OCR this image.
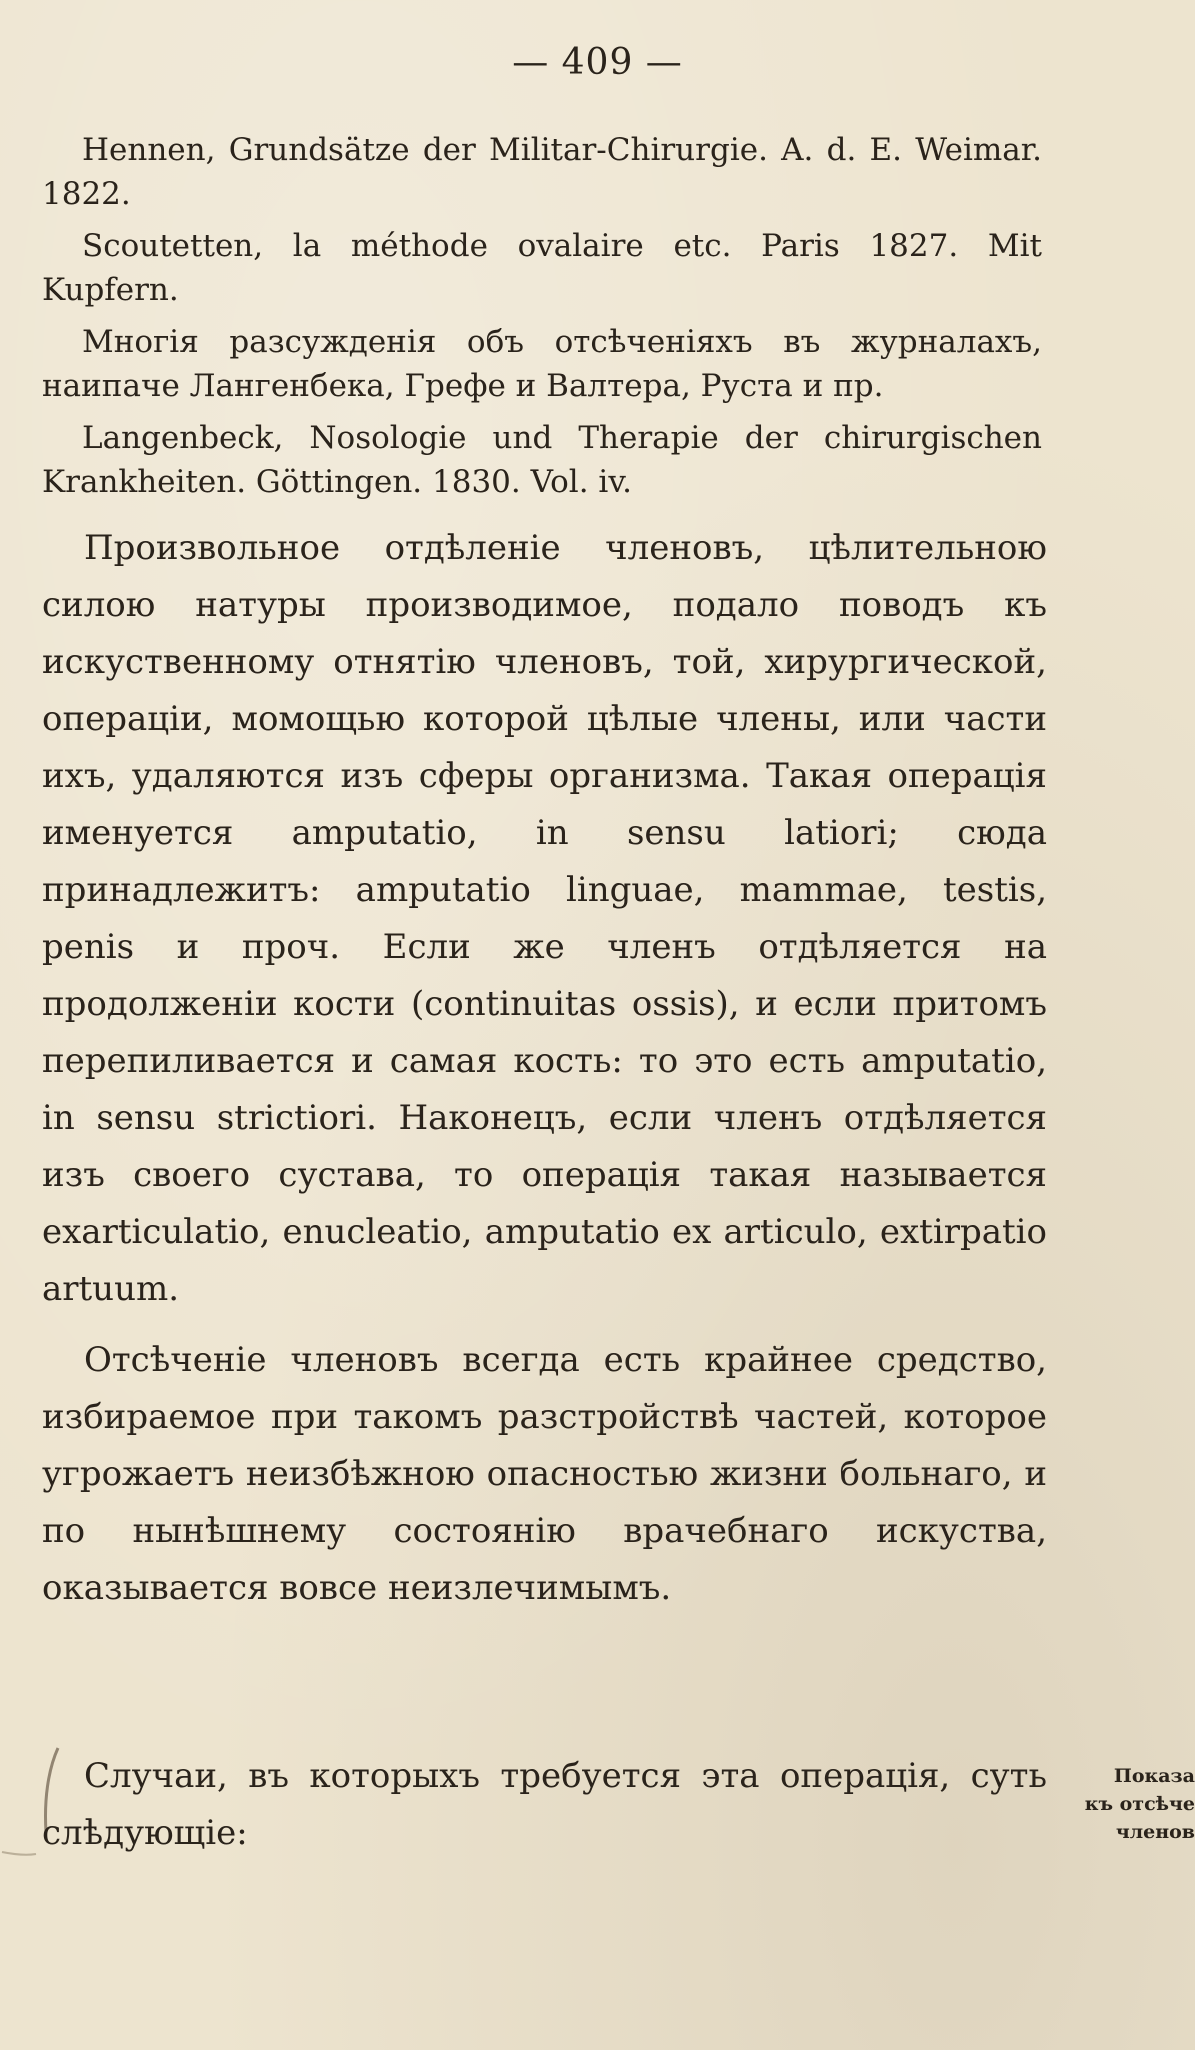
— 409 —

Hennen, Grundsätze der Militar-Chirurgie. A. d. E. Weimar. 1822.

Scoutetten, la méthode ovalaire etc. Paris 1827. Mit Kupfern.

Многія разсужденія объ отсѣченіяхъ въ журналахъ, наипаче Лангенбека, Грефе и Валтера, Руста и пр.

Langenbeck, Nosologie und Therapie der chirurgischen Krankheiten. Göttingen. 1830. Vol. iv.

Произвольное отдѣленіе членовъ, цѣлительною силою натуры производимое, подало поводъ къ искуственному отнятію членовъ, той, хирургической, операціи, момощью которой цѣлые члены, или части ихъ, удаляются изъ сферы организма. Такая операція именуется amputatio, in sensu latiori; сюда принадлежитъ: amputatio linguae, mammae, testis, penis и проч. Если же членъ отдѣляется на продолженіи кости (continuitas ossis), и если притомъ перепиливается и самая кость: то это есть amputatio, in sensu strictiori. Наконецъ, если членъ отдѣляется изъ своего сустава, то операція такая называется exarticulatio, enucleatio, amputatio ex articulo, extirpatio artuum.

Отсѣченіе членовъ всегда есть крайнее средство, избираемое при такомъ разстройствѣ частей, которое угрожаетъ неизбѣжною опасностью жизни больнаго, и по нынѣшнему состоянію врачебнаго искуства, оказывается вовсе неизлечимымъ.

Случаи, въ которыхъ требуется эта операція, суть слѣдующіе:

Показа
къ отсѣче
членов
